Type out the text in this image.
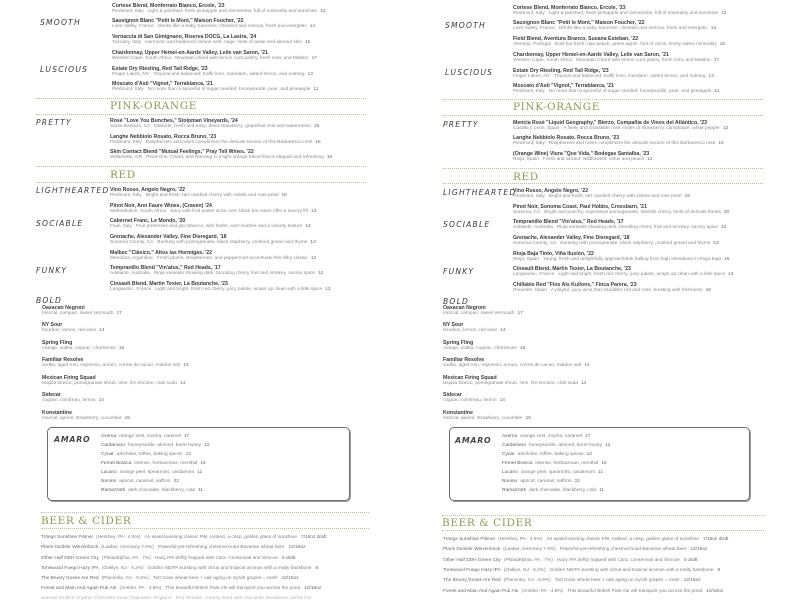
SMOOTH
LUSCIOUS
Cortese Blend, Monferrato Bianco, Ercole, '23
Piedmont, Italy Light & polished; fresh pineapple and clementine; full of minerality and sunshine 12
Sauvignon Blanc "Petit le Mont," Maison Foucher, '22
Loire Valley, France Drinks like a baby Sancerre; chiseled and serious, fresh and energetic 14
Vernaccia di San Gimignano, Riserva DOCG, La Lastra, '24
Tuscany, Italy Harmonic and balanced; lemon zest, sage, hints of anise and almond skin 15
Chardonnay, Upper Hemel-en-Aarde Valley, Leile van Saron, '21
Western Cape, South Africa Mountain chard with lemon curd pastry, fresh mint, and Maldon 17
Estate Dry Riesling, Red Tail Ridge, '23
Finger Lakes, NY Tropical and balanced; Kaffir lime, mandarin, salted lemon, and nutmeg 13
Moscato d'Asti "Vignot," Terrabianca, '21
Piedmont, Italy No more than a spoonful of sugar needed; honeysuckle, pear, and pineapple 11
PINK-ORANGE
PRETTY	Rosé "Love You Bunches," Stolpman Vineyards, '24
Santa Barbara, CA Delicate, fresh and easy; dried strawberry, grapefruit zest and watermelon 15
Langhe Nebbiolo Rosato, Rocca Bruno, '23
Piedmont, Italy Raspberries and roses compliment the delicate texture of this Barbaresco rosé 16
Skin Contact Blend "Mutual Feelings," Pray Tell Wines, '22
Willamette, OR Pinot Gris, Chard, and Riesling in a light orange blend that is elegant and refreshing 16
RED
LIGHTHEARTED
SOCIABLE
FUNKY
Vino Rosso, Angelo Negro, '22
Piedmont, Italy Bright and fresh; tart candied cherry with violets and rose petal 15
Pinot Noir, Ann Faure Wines, (Craven) '24
Stellenbosch, South Africa Juicy with fruit power at its core; black tea notes offer a savory lift 13
Cabernet Franc, Le Mondo, '20
Friuli, Italy Fruit preserves and pip tobacco, with herbs, worn leather and a velvety texture 13
Grenache, Alexander Valley, Fine Disregard, '18
Sonoma County, CA Bursting with pomegranate, black raspberry, crushed gravel and thyme 13
Malbec "Clásico," Altos las Hormigas, '22
Mendoza, Argentina Fresh plums, strawberries, and peppermint accentuate this silky classic 12
Tempranillo Blend "Vin'atus," Red Heads, '17
Adelaide, Australia Rioja varietals showing dark, brooding cherry fruit and smokey, savory spice 12
Cinsault Blend, Martin Texier, La Boutanche, '23
Languedoc, France Light and bright, fresh red cherry, juicy palate, wraps up clean with a little spice 13
BOLD
Oaxacan Negroni
mezcal, campari, sweet vermouth 17
NY Sour
bourbon, lemon, red wine 14
Spring Fling
orange, vodka, cognac, chartreuse 16
Familiar Resolve
vodka, aged rum, espresso, amaro, creme de cacao, maldon salt 14
Mexican Firing Squad
tequila blanco, pomegranate shrub, lime, fire tincture, club soda 14
Sidecar
cognac, cointreau, lemon 14
Konstantine
mezcal, aperol, strawberry, cucumber 15
AMARO Averna orange zest, mocha, caramel 17
Cardamaro honeysuckle, almond, burnt honey 12
Cynar artichoke, toffee, baking spices 12
Fernet Branca intense, herbaceous, menthol 16
Lucano orange peel, spearmint, cardamom 11
Nonino apricot, caramel, saffron 22
Ramazzotti dark chocolate, blackberry, cola 11
BEER & CIDER
Tröegs Sunshine Pilsner (Hershey, PA · 4.5%) An award-winning classic Pils. Indeed, a crisp, golden glass of sunshine 7/16oz draft
Plank Dunkler Weizenbock (Laaber, Germany 7.8%) Powerful-yet-refreshing chestnut-hued Bavarian wheat beer 12/16oz
Other Half DDH Green City (Philadelphia, PA · 7%) Hazy IPA deftly hopped with Citra, Centennial and Simcoe 8 draft
Tonewood Fuego Hazy IPA (Oaklyn, NJ · 6.2%) Golden NEIPA bursting with citrus and tropical aromas with a malty backbone 8
The Bruery Goses Are Red (Placentia, CA · 5.6%) Tart Gose wheat beer + oak aging on Syrah grapes = rosé! 12/16oz
Forest and Main And Again Pub Ale (Ambler, PA · 4.8%) This beautiful British Pale Ale will transport you across the pond 10/16oz
Samuel Smith's Organic Chocolate Stout (Tadcaster, England · 5%) Smooth, creamy stout with chocolate decadence 10/18.7oz
SMOOTH
LUSCIOUS
Cortese Blend, Monferrato Bianco, Ercole, '23
Piedmont, Italy Light & polished; fresh pineapple and clementine; full of minerality and sunshine 12
Sauvignon Blanc "Petit le Mont," Maison Foucher, '22
Loire Valley, France Drinks like a baby Sancerre; chiseled and serious, fresh and energetic 14
Field Blend, Aventura Branco, Susana Esteban, '22
Alentejo, Portugal Bold but fresh; ripe peach, green apple, hint of citrus, lovely saline minerality 15
Chardonnay, Upper Hemel-en-Aarde Valley, Leile van Saron, '21
Western Cape, South Africa Mountain Chard with lemon curd pastry, fresh mint, and Maldon 17
Estate Dry Riesling, Red Tail Ridge, '23
Finger Lakes, NY Tropical and balanced; Kaffir lime, mandarin, salted lemon, and nutmeg 13
Moscato d'Asti "Vignot," Terrabianca, '21
Piedmont, Italy No more than a spoonful of sugar needed; honeysuckle, pear, and pineapple 11
PINK-ORANGE
PRETTY	Mencia Rosé "Liquid Geography," Bierzo, Compañía de Vinos del Atlántico, '23
Castilla y León, Spain A lively and charitable rosé; notes of strawberry, cantaloupe, white pepper 12
Langhe Nebbiolo Rosato, Rocca Bruno, '23
Piedmont, Italy Raspberries and roses compliment the delicate texture of this Barbaresco rosé 16
(Orange Wine) Viura "Que Vida," Bodegas Santalba, '23
Rioja, Spain Fresh and vibrant; wildflowers, citrus and peach 12
RED
LIGHTHEARTED
SOCIABLE
FUNKY
Vino Rosso, Angelo Negro, '22
Piedmont, Italy Bright and fresh; tart candied cherry with violets and rose petal 15
Pinot Noir, Sonoma Coast, Paul Hobbs, Crossbarn, '21
Sonoma, CA Bright and punchy; expressive pomegranate, Morello cherry, hints of delicate florals 20
Tempranillo Blend "Vin'atus," Red Heads, '17
Adelaide, Australia Rioja varietals showing dark, brooding cherry fruit and smokey, savory spice 12
Grenache, Alexander Valley, Fine Disregard, '18
Sonoma County, CA Bursting with pomegranate, black raspberry, crushed gravel and thyme 13
Rioja Baja Tinto, Viña Ilusión, '22
Rioja, Spain Young, fresh and delightfully approachable hailing from high elevations in Rioja Baja 15
Cinsault Blend, Martin Texier, La Boutanche, '23
Languedoc, France Light and bright, fresh red cherry, juicy palate, wraps up clean with a little spice 13
Chillable Red "Fins Als Kullons," Finca Parera, '23
Penedès, Spain A playful, juicy wine that straddles red and rosé, bursting with freshness 16
BOLD
Oaxacan Negroni
mezcal, campari, sweet vermouth 17
NY Sour
bourbon, lemon, red wine 14
Spring Fling
orange, vodka, cognac, chartreuse 16
Familiar Resolve
vodka, aged rum, espresso, amaro, creme de cacao, maldon salt 14
Mexican Firing Squad
tequila blanco, pomegranate shrub, lime, fire tincture, club soda 14
Sidecar
cognac, cointreau, lemon 14
Konstantine
mezcal, aperol, strawberry, cucumber 15
AMARO Averna orange zest, mocha, caramel 17
Cardamaro honeysuckle, almond, burnt honey 12
Cynar artichoke, toffee, baking spices 12
Fernet Branca intense, herbaceous, menthol 16
Lucano orange peel, spearmint, cardamom 11
Nonino apricot, caramel, saffron 22
Ramazzotti dark chocolate, blackberry, cola 11
BEER & CIDER
Tröegs Sunshine Pilsner (Hershey, PA · 4.5%) An award-winning classic Pils. Indeed, a crisp, golden glass of sunshine 7/16oz draft
Plank Dunkler Weizenbock (Laaber, Germany 7.8%) Powerful-yet-refreshing chestnut-hued Bavarian wheat beer 12/16oz
Other Half DDH Green City (Philadelphia, PA · 7%) Hazy IPA deftly hopped with Citra, Centennial and Simcoe 8 draft
Tonewood Fuego Hazy IPA (Oaklyn, NJ · 6.2%) Golden NEIPA bursting with citrus and tropical aromas with a malty backbone 8
The Bruery Goses Are Red (Placentia, CA · 5.6%) Tart Gose wheat beer + oak aging on Syrah grapes = rosé! 12/16oz
Forest and Main And Again Pub Ale (Ambler, PA · 4.8%) This beautiful British Pale Ale will transport you across the pond 10/16oz
